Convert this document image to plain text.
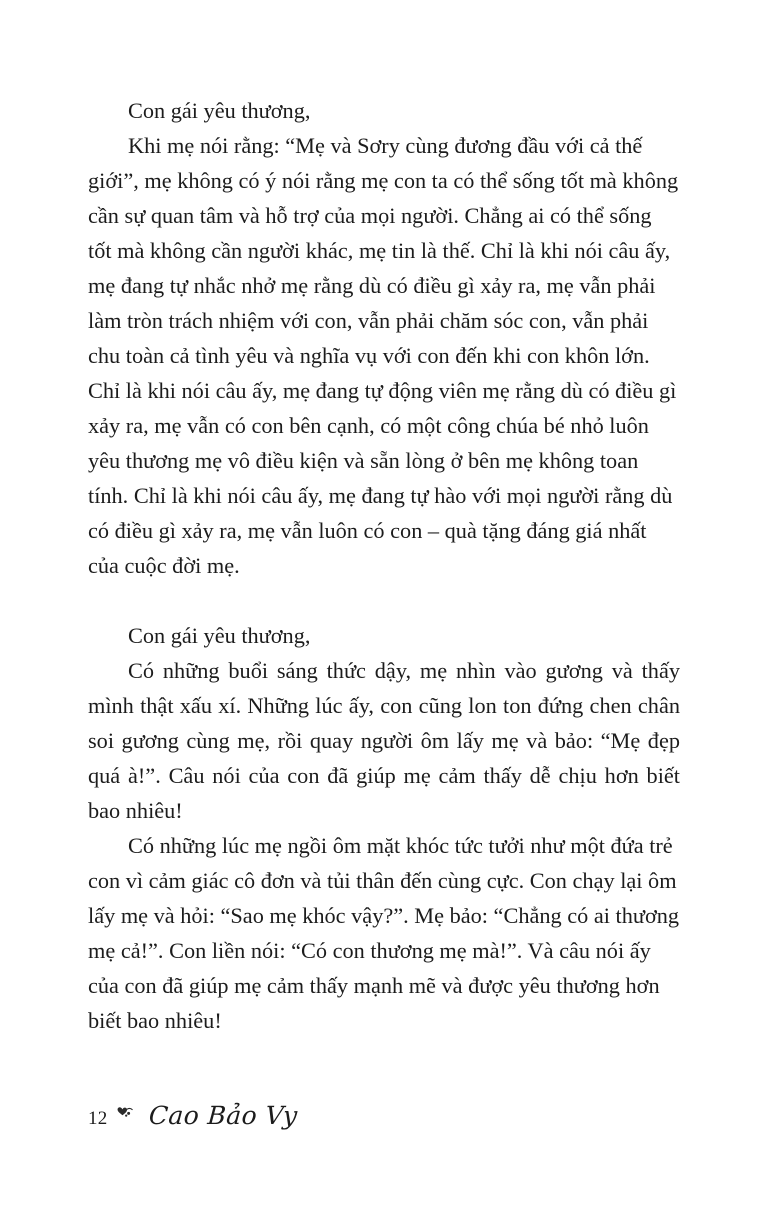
Con gái yêu thương,

Khi mẹ nói rằng: “Mẹ và Sơry cùng đương đầu với cả thế giới”, mẹ không có ý nói rằng mẹ con ta có thể sống tốt mà không cần sự quan tâm và hỗ trợ của mọi người. Chẳng ai có thể sống tốt mà không cần người khác, mẹ tin là thế. Chỉ là khi nói câu ấy, mẹ đang tự nhắc nhở mẹ rằng dù có điều gì xảy ra, mẹ vẫn phải làm tròn trách nhiệm với con, vẫn phải chăm sóc con, vẫn phải chu toàn cả tình yêu và nghĩa vụ với con đến khi con khôn lớn. Chỉ là khi nói câu ấy, mẹ đang tự động viên mẹ rằng dù có điều gì xảy ra, mẹ vẫn có con bên cạnh, có một công chúa bé nhỏ luôn yêu thương mẹ vô điều kiện và sẵn lòng ở bên mẹ không toan tính. Chỉ là khi nói câu ấy, mẹ đang tự hào với mọi người rằng dù có điều gì xảy ra, mẹ vẫn luôn có con – quà tặng đáng giá nhất của cuộc đời mẹ.

Con gái yêu thương,

Có những buổi sáng thức dậy, mẹ nhìn vào gương và thấy mình thật xấu xí. Những lúc ấy, con cũng lon ton đứng chen chân soi gương cùng mẹ, rồi quay người ôm lấy mẹ và bảo: “Mẹ đẹp quá à!”. Câu nói của con đã giúp mẹ cảm thấy dễ chịu hơn biết bao nhiêu!

Có những lúc mẹ ngồi ôm mặt khóc tức tưởi như một đứa trẻ con vì cảm giác cô đơn và tủi thân đến cùng cực. Con chạy lại ôm lấy mẹ và hỏi: “Sao mẹ khóc vậy?”. Mẹ bảo: “Chẳng có ai thương mẹ cả!”. Con liền nói: “Có con thương mẹ mà!”. Và câu nói ấy của con đã giúp mẹ cảm thấy mạnh mẽ và được yêu thương hơn biết bao nhiêu!

12 Cao Bảo Vy
